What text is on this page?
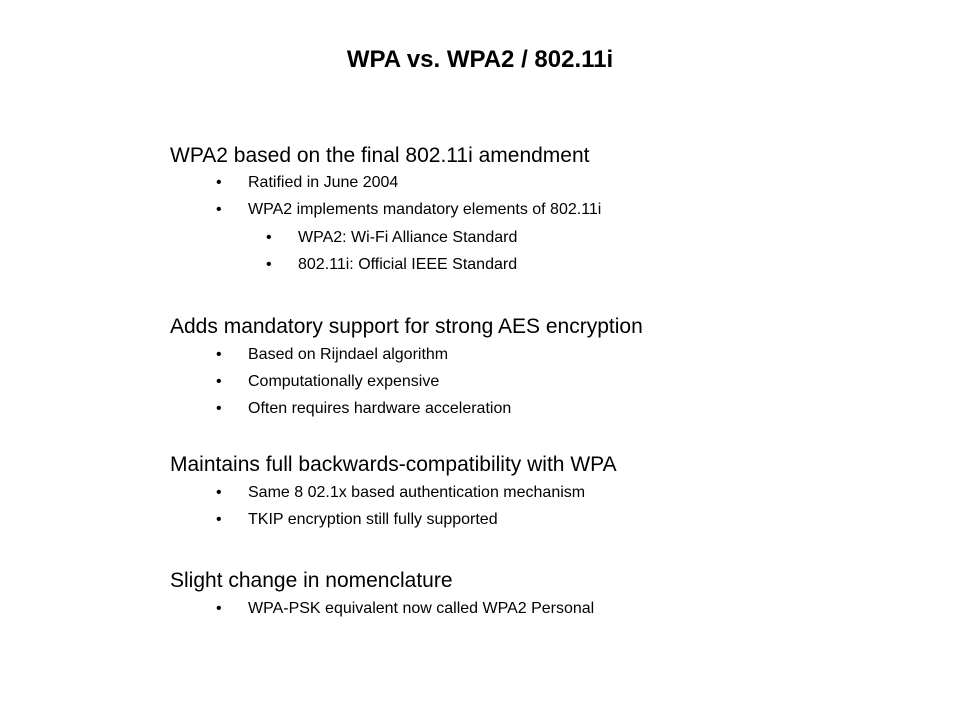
WPA vs. WPA2 / 802.11i
WPA2 based on the final 802.11i amendment
• Ratified in June 2004
• WPA2 implements mandatory elements of 802.11i
• WPA2: Wi-Fi Alliance Standard
• 802.11i: Official IEEE Standard
Adds mandatory support for strong AES encryption
• Based on Rijndael algorithm
• Computationally expensive
• Often requires hardware acceleration
Maintains full backwards-compatibility with WPA
• Same 8 02.1x based authentication mechanism
• TKIP encryption still fully supported
Slight change in nomenclature
• WPA-PSK equivalent now called WPA2 Personal
